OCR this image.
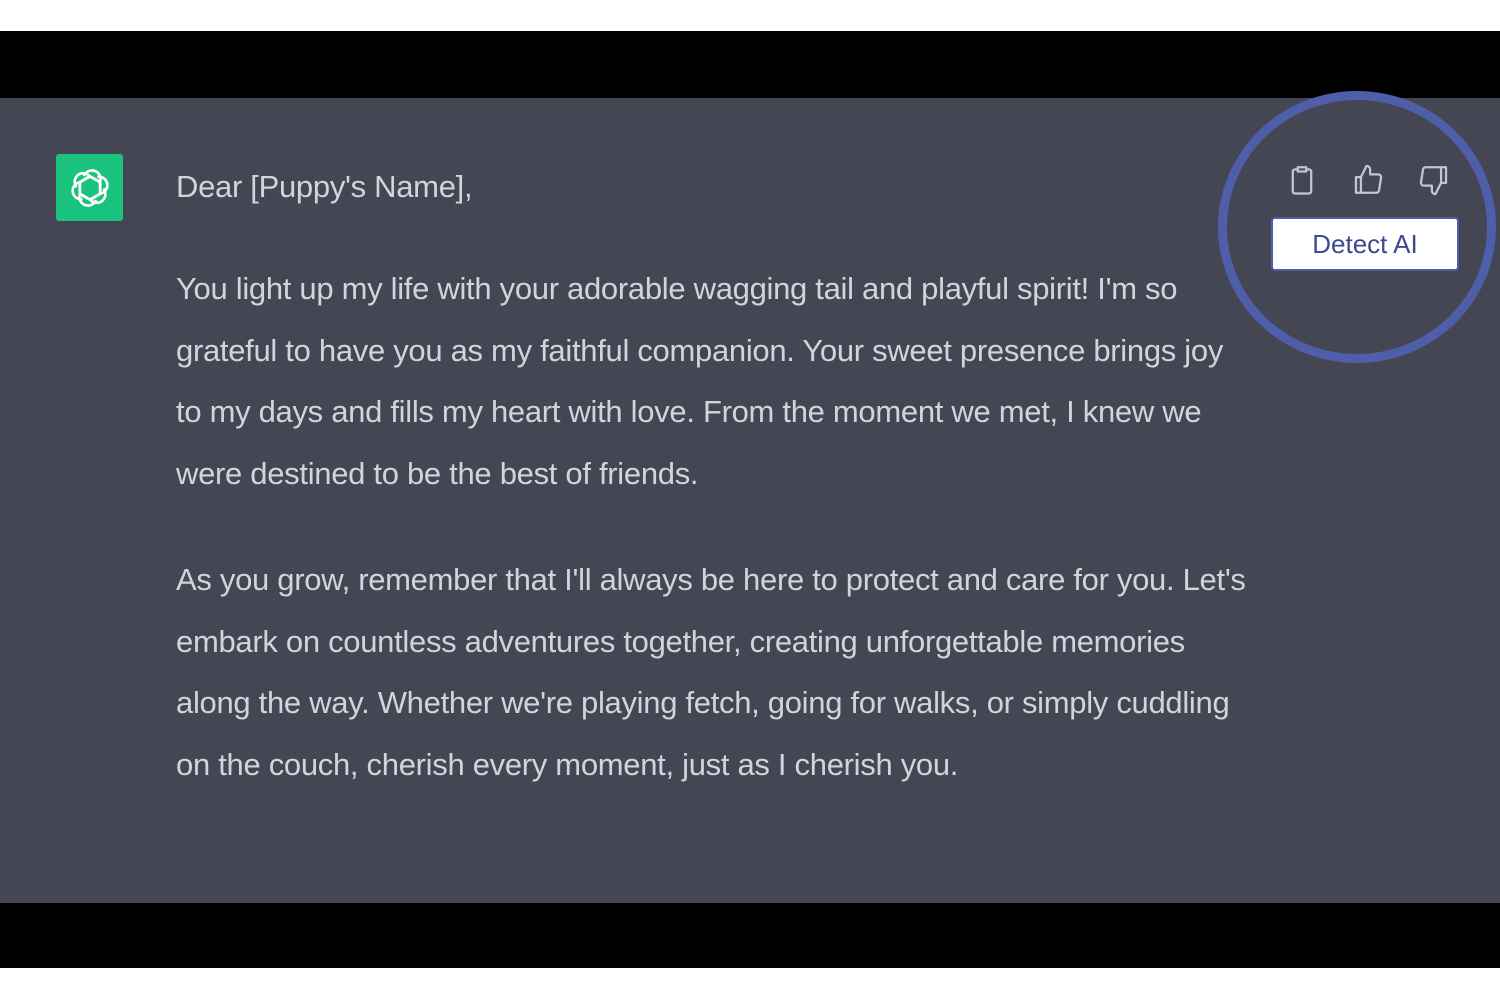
Dear [Puppy's Name],

You light up my life with your adorable wagging tail and playful spirit! I'm so grateful to have you as my faithful companion. Your sweet presence brings joy to my days and fills my heart with love. From the moment we met, I knew we were destined to be the best of friends.

As you grow, remember that I'll always be here to protect and care for you. Let's embark on countless adventures together, creating unforgettable memories along the way. Whether we're playing fetch, going for walks, or simply cuddling on the couch, cherish every moment, just as I cherish you.

Detect AI
